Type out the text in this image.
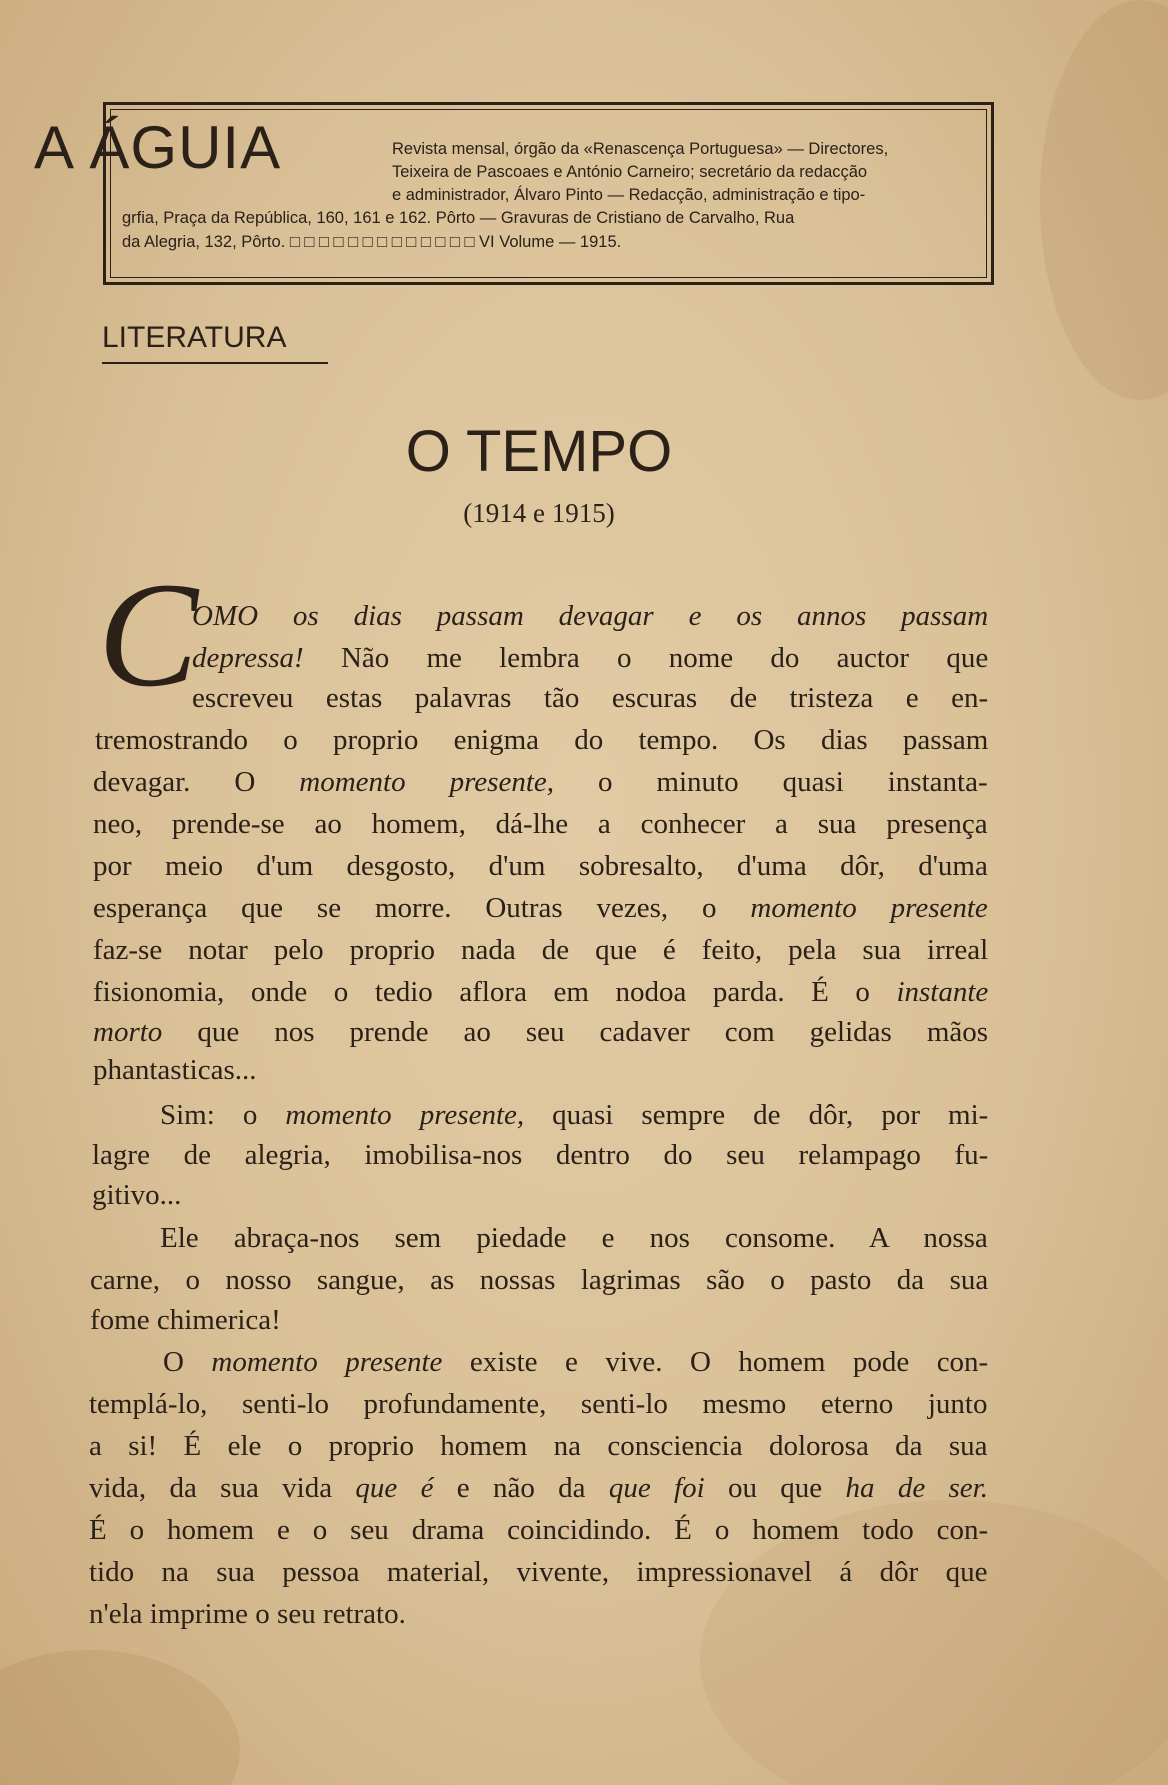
A ÁGUIA	Revista mensal, órgão da «Renascença Portuguesa» — Directores,
Teixeira de Pascoaes e António Carneiro; secretário da redacção
e administrador, Álvaro Pinto — Redacção, administração e tipo-
grfia, Praça da República, 160, 161 e 162. Pôrto — Gravuras de Cristiano de Carvalho, Rua
da Alegria, 132, Pôrto. □ □ □ □ □ □ □ □ □ □ □ □ □ VI Volume — 1915.
LITERATURA
O TEMPO
(1914 e 1915)
C
OMO os dias passam devagar e os annos passam
depressa! Não me lembra o nome do auctor que
escreveu estas palavras tão escuras de tristeza e en-
tremostrando o proprio enigma do tempo. Os dias passam
devagar. O momento presente, o minuto quasi instanta-
neo, prende-se ao homem, dá-lhe a conhecer a sua presença
por meio d'um desgosto, d'um sobresalto, d'uma dôr, d'uma
esperança que se morre. Outras vezes, o momento presente
faz-se notar pelo proprio nada de que é feito, pela sua irreal
fisionomia, onde o tedio aflora em nodoa parda. É o instante
morto que nos prende ao seu cadaver com gelidas mãos
phantasticas...
Sim: o momento presente, quasi sempre de dôr, por mi-
lagre de alegria, imobilisa-nos dentro do seu relampago fu-
gitivo...
Ele abraça-nos sem piedade e nos consome. A nossa
carne, o nosso sangue, as nossas lagrimas são o pasto da sua
fome chimerica!
O momento presente existe e vive. O homem pode con-
templá-lo, senti-lo profundamente, senti-lo mesmo eterno junto
a si! É ele o proprio homem na consciencia dolorosa da sua
vida, da sua vida que é e não da que foi ou que ha de ser.
É o homem e o seu drama coincidindo. É o homem todo con-
tido na sua pessoa material, vivente, impressionavel á dôr que
n'ela imprime o seu retrato.
